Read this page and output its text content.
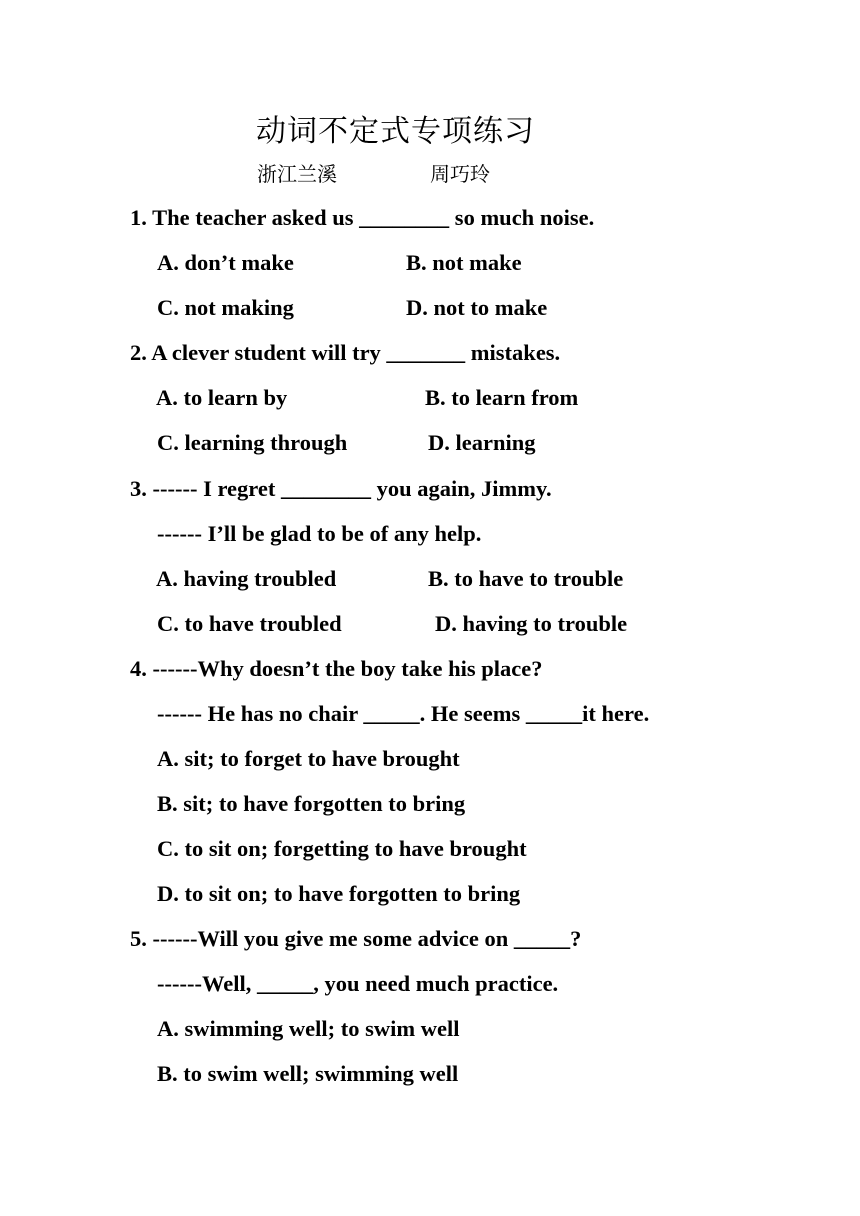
动词不定式专项练习
浙江兰溪	周巧玲
1. The teacher asked us ________ so much noise.
A. don’t make	B. not make
C. not making	D. not to make
2. A clever student will try _______ mistakes.
A. to learn by	B. to learn from
C. learning through	D. learning
3. ------ I regret ________ you again, Jimmy.
------ I’ll be glad to be of any help.
A. having troubled	B. to have to trouble
C. to have troubled	D. having to trouble
4. ------Why doesn’t the boy take his place?
------ He has no chair _____. He seems _____it here.
A. sit; to forget to have brought
B. sit; to have forgotten to bring
C. to sit on; forgetting to have brought
D. to sit on; to have forgotten to bring
5. ------Will you give me some advice on _____?
------Well, _____, you need much practice.
A. swimming well; to swim well
B. to swim well; swimming well
